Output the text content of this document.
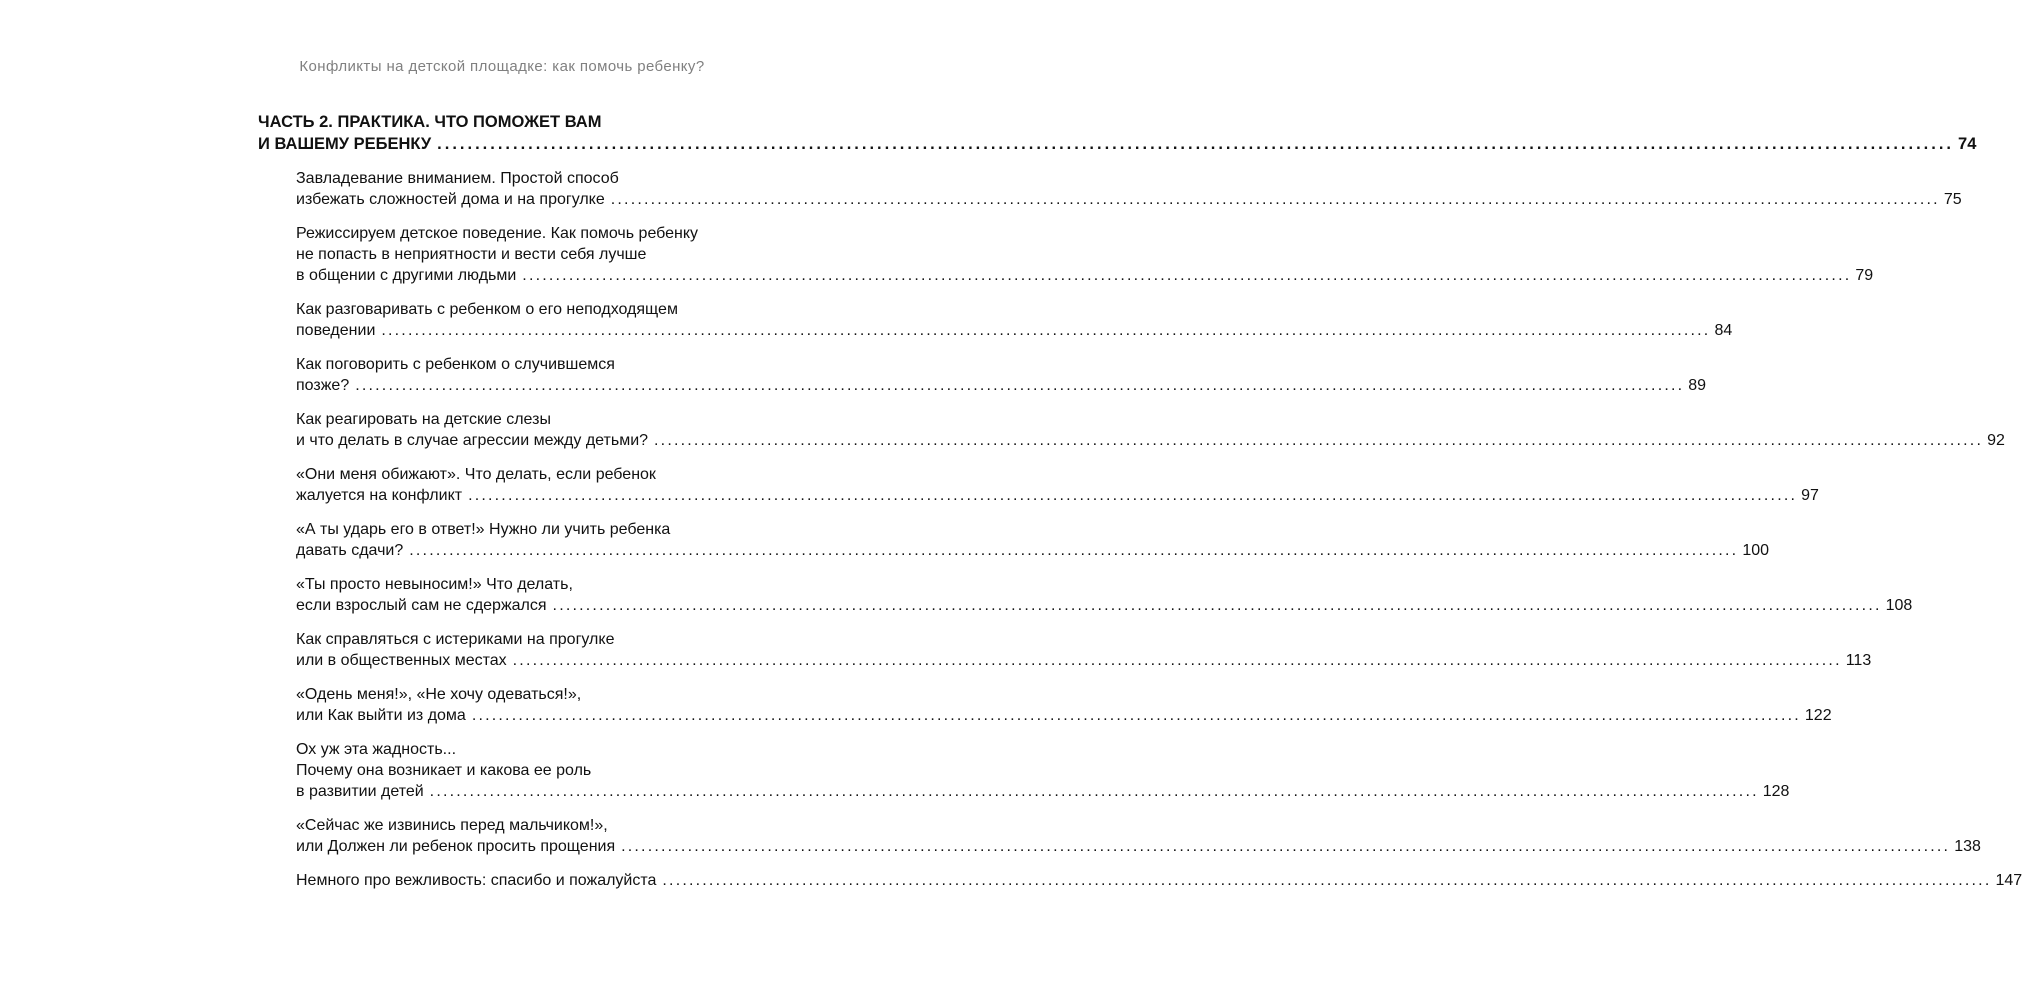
Конфликты на детской площадке: как помочь ребенку?
ЧАСТЬ 2. ПРАКТИКА. ЧТО ПОМОЖЕТ ВАМ
И ВАШЕМУ РЕБЕНКУ ........................................................................................................................................................................................................ 74
Завладевание вниманием. Простой способ
избежать сложностей дома и на прогулке ........................................................................................................................................................................................................ 75
Режиссируем детское поведение. Как помочь ребенку
не попасть в неприятности и вести себя лучше
в общении с другими людьми ........................................................................................................................................................................................................ 79
Как разговаривать с ребенком о его неподходящем
поведении ........................................................................................................................................................................................................ 84
Как поговорить с ребенком о случившемся
позже? ........................................................................................................................................................................................................ 89
Как реагировать на детские слезы
и что делать в случае агрессии между детьми? ........................................................................................................................................................................................................ 92
«Они меня обижают». Что делать, если ребенок
жалуется на конфликт ........................................................................................................................................................................................................ 97
«А ты ударь его в ответ!» Нужно ли учить ребенка
давать сдачи? ........................................................................................................................................................................................................ 100
«Ты просто невыносим!» Что делать,
если взрослый сам не сдержался ........................................................................................................................................................................................................ 108
Как справляться с истериками на прогулке
или в общественных местах ........................................................................................................................................................................................................ 113
«Одень меня!», «Не хочу одеваться!»,
или Как выйти из дома ........................................................................................................................................................................................................ 122
Ох уж эта жадность...
Почему она возникает и какова ее роль
в развитии детей ........................................................................................................................................................................................................ 128
«Сейчас же извинись перед мальчиком!»,
или Должен ли ребенок просить прощения ........................................................................................................................................................................................................ 138
Немного про вежливость: спасибо и пожалуйста ........................................................................................................................................................................................................ 147
